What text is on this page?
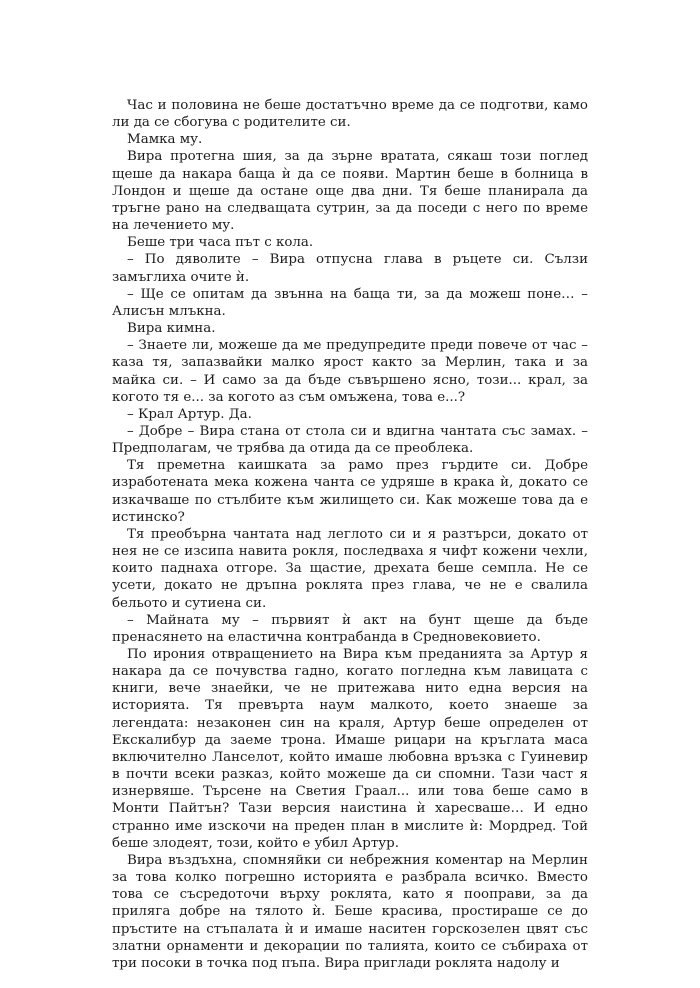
Час и половина не беше достатъчно време да се подготви, камо ли да се сбогува с родителите си.

Мамка му.

Вира протегна шия, за да зърне вратата, сякаш този поглед щеше да накара баща ѝ да се появи. Мартин беше в болница в Лондон и щеше да остане още два дни. Тя беше планирала да тръгне рано на следващата сутрин, за да поседи с него по време на лечението му.

Беше три часа път с кола.

– По дяволите – Вира отпусна глава в ръцете си. Сълзи замъглиха очите ѝ.

– Ще се опитам да звънна на баща ти, за да можеш поне… – Алисън млъкна.

Вира кимна.

– Знаете ли, можеше да ме предупредите преди повече от час – каза тя, запазвайки малко ярост както за Мерлин, така и за майка си. – И само за да бъде съвършено ясно, този... крал, за когото тя е... за когото аз съм омъжена, това е...?

– Крал Артур. Да.

– Добре – Вира стана от стола си и вдигна чантата със замах. – Предполагам, че трябва да отида да се преоблека.

Тя преметна каишката за рамо през гърдите си. Добре изработената мека кожена чанта се удряше в крака ѝ, докато се изкачваше по стълбите към жилището си. Как можеше това да е истинско?

Тя преобърна чантата над леглото си и я разтърси, докато от нея не се изсипа навита рокля, последваха я чифт кожени чехли, които паднаха отгоре. За щастие, дрехата беше семпла. Не се усети, докато не дръпна роклята през глава, че не е свалила бельото и сутиена си.

– Майната му – първият ѝ акт на бунт щеше да бъде пренасянето на еластична контрабанда в Средновековието.

По ирония отвращението на Вира към преданията за Артур я накара да се почувства гадно, когато погледна към лавицата с книги, вече знаейки, че не притежава нито една версия на историята. Тя превърта наум малкото, което знаеше за легендата: незаконен син на краля, Артур беше определен от Екскалибур да заеме трона. Имаше рицари на кръглата маса включително Ланселот, който имаше любовна връзка с Гуиневир в почти всеки разказ, който можеше да си спомни. Тази част я изнервяше. Търсене на Светия Граал... или това беше само в Монти Пайтън? Тази версия наистина ѝ харесваше… И едно странно име изскочи на преден план в мислите ѝ: Мордред. Той беше злодеят, този, който е убил Артур.

Вира въздъхна, спомняйки си небрежния коментар на Мерлин за това колко погрешно историята е разбрала всичко. Вместо това се съсредоточи върху роклята, като я пооправи, за да приляга добре на тялото ѝ. Беше красива, простираше се до пръстите на стъпалата ѝ и имаше наситен горскозелен цвят със златни орнаменти и декорации по талията, които се събираха от три посоки в точка под пъпа. Вира приглади роклята надолу и
